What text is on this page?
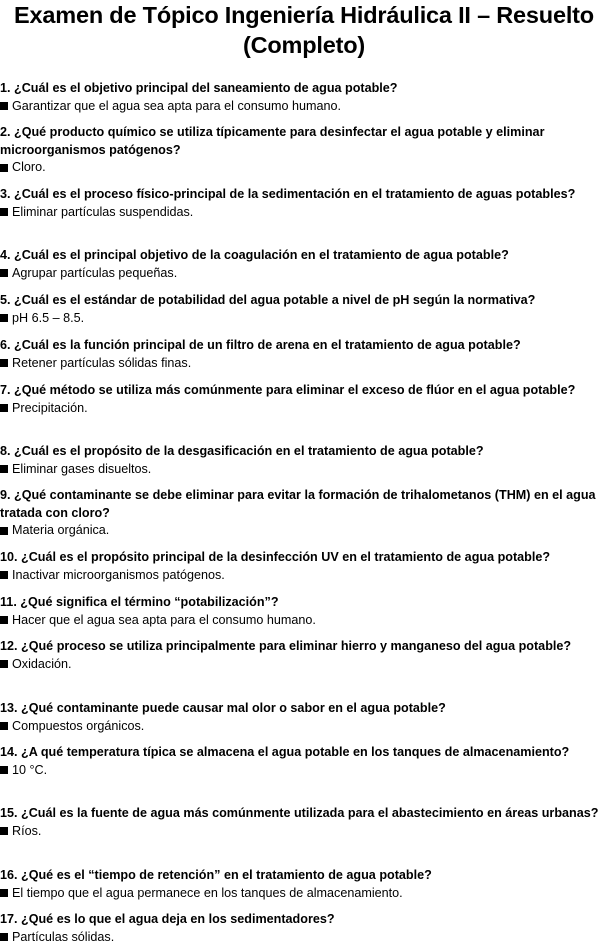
Examen de Tópico Ingeniería Hidráulica II – Resuelto (Completo)

1. ¿Cuál es el objetivo principal del saneamiento de agua potable?

Garantizar que el agua sea apta para el consumo humano.

2. ¿Qué producto químico se utiliza típicamente para desinfectar el agua potable y eliminar microorganismos patógenos?

Cloro.

3. ¿Cuál es el proceso físico-principal de la sedimentación en el tratamiento de aguas potables?

Eliminar partículas suspendidas.

4. ¿Cuál es el principal objetivo de la coagulación en el tratamiento de agua potable?

Agrupar partículas pequeñas.

5. ¿Cuál es el estándar de potabilidad del agua potable a nivel de pH según la normativa?

pH 6.5 – 8.5.

6. ¿Cuál es la función principal de un filtro de arena en el tratamiento de agua potable?

Retener partículas sólidas finas.

7. ¿Qué método se utiliza más comúnmente para eliminar el exceso de flúor en el agua potable?

Precipitación.

8. ¿Cuál es el propósito de la desgasificación en el tratamiento de agua potable?

Eliminar gases disueltos.

9. ¿Qué contaminante se debe eliminar para evitar la formación de trihalometanos (THM) en el agua tratada con cloro?

Materia orgánica.

10. ¿Cuál es el propósito principal de la desinfección UV en el tratamiento de agua potable?

Inactivar microorganismos patógenos.

11. ¿Qué significa el término “potabilización”?

Hacer que el agua sea apta para el consumo humano.

12. ¿Qué proceso se utiliza principalmente para eliminar hierro y manganeso del agua potable?

Oxidación.

13. ¿Qué contaminante puede causar mal olor o sabor en el agua potable?

Compuestos orgánicos.

14. ¿A qué temperatura típica se almacena el agua potable en los tanques de almacenamiento?

10 °C.

15. ¿Cuál es la fuente de agua más comúnmente utilizada para el abastecimiento en áreas urbanas?

Ríos.

16. ¿Qué es el “tiempo de retención” en el tratamiento de agua potable?

El tiempo que el agua permanece en los tanques de almacenamiento.

17. ¿Qué es lo que el agua deja en los sedimentadores?

Partículas sólidas.
